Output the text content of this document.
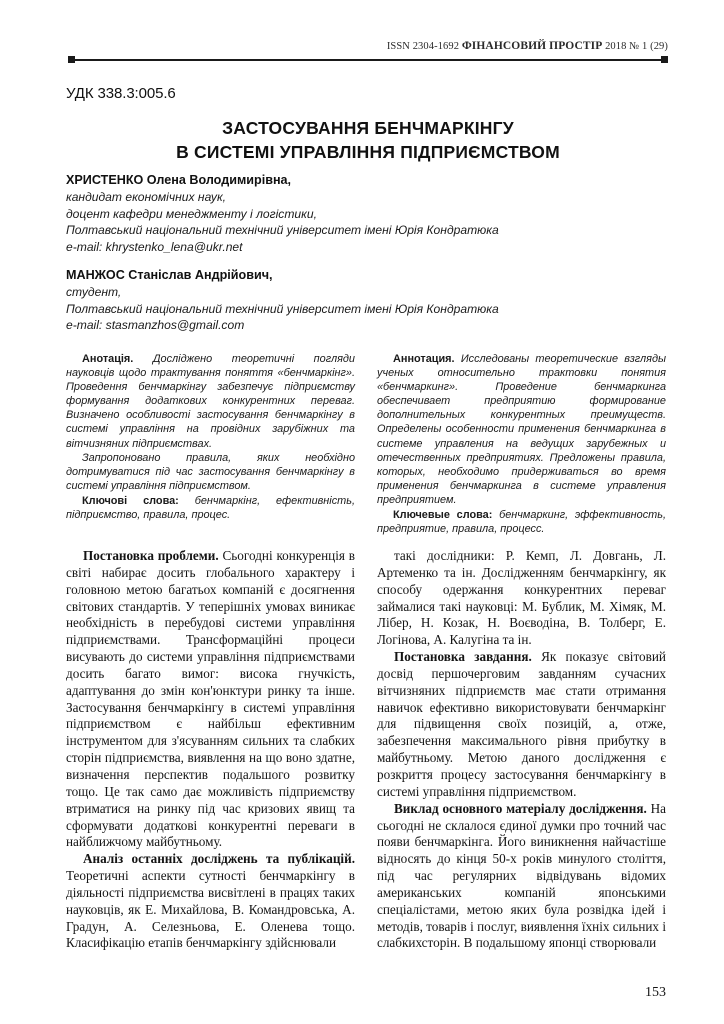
ISSN 2304-1692 ФІНАНСОВИЙ ПРОСТІР 2018 № 1 (29)
УДК 338.3:005.6
ЗАСТОСУВАННЯ БЕНЧМАРКІНГУ
В СИСТЕМІ УПРАВЛІННЯ ПІДПРИЄМСТВОМ
ХРИСТЕНКО Олена Володимирівна,
кандидат економічних наук,
доцент кафедри менеджменту і логістики,
Полтавський національний технічний університет імені Юрія Кондратюка
e-mail: khrystenko_lena@ukr.net
МАНЖОС Станіслав Андрійович,
студент,
Полтавський національний технічний університет імені Юрія Кондратюка
e-mail: stasmanzhos@gmail.com

Анотація. Досліджено теоретичні погляди науковців щодо трактування поняття «бенчмаркінг». Проведення бенчмаркінгу забезпечує підприємству формування додаткових конкурентних переваг. Визначено особливості застосування бенчмаркінгу в системі управління на провідних зарубіжних та вітчизняних підприємствах.

Запропоновано правила, яких необхідно дотримуватися під час застосування бенчмаркінгу в системі управління підприємством.

Ключові слова: бенчмаркінг, ефективність, підприємство, правила, процес.

Аннотация. Исследованы теоретические взгляды ученых относительно трактовки понятия «бенчмаркинг». Проведение бенчмаркинга обеспечивает предприятию формирование дополнительных конкурентных преимуществ. Определены особенности применения бенчмаркинга в системе управления на ведущих зарубежных и отечественных предприятиях. Предложены правила, которых, необходимо придерживаться во время применения бенчмаркинга в системе управления предприятием.

Ключевые слова: бенчмаркинг, эффективность, предприятие, правила, процесс.

Постановка проблеми. Сьогодні конкуренція в світі набирає досить глобального характеру і головною метою багатьох компаній є досягнення світових стандартів. У теперішніх умовах виникає необхідність в перебудові системи управління підприємствами. Трансформаційні процеси висувають до системи управління підприємствами досить багато вимог: висока гнучкість, адаптування до змін кон'юнктури ринку та інше. Застосування бенчмаркінгу в системі управління підприємством є найбільш ефективним інструментом для з'ясуванням сильних та слабких сторін підприємства, виявлення на що воно здатне, визначення перспектив подальшого розвитку тощо. Це так само дає можливість підприємству втриматися на ринку під час кризових явищ та сформувати додаткові конкурентні переваги в найближчому майбутньому.

Аналіз останніх досліджень та публікацій. Теоретичні аспекти сутності бенчмаркінгу в діяльності підприємства висвітлені в працях таких науковців, як Е. Михайлова, В. Командровська, А. Градун, А. Селезньова, Е. Оленева тощо. Класифікацію етапів бенчмаркінгу здійснювали

такі дослідники: Р. Кемп, Л. Довгань, Л. Артеменко та ін. Дослідженням бенчмаркінгу, як способу одержання конкурентних переваг займалися такі науковці: М. Бублик, М. Хімяк, М. Лібер, Н. Козак, Н. Воєводіна, В. Толберг, Е. Логінова, А. Калугіна та ін.

Постановка завдання. Як показує світовий досвід першочерговим завданням сучасних вітчизняних підприємств має стати отримання навичок ефективно використовувати бенчмаркінг для підвищення своїх позицій, а, отже, забезпечення максимального рівня прибутку в майбутньому. Метою даного дослідження є розкриття процесу застосування бенчмаркінгу в системі управління підприємством.

Виклад основного матеріалу дослідження. На сьогодні не склалося єдиної думки про точний час появи бенчмаркінга. Його виникнення найчастіше відносять до кінця 50-х років минулого століття, під час регулярних відвідувань відомих американських компаній японськими спеціалістами, метою яких була розвідка ідей і методів, товарів і послуг, виявлення їхніх сильних і слабкихсторін. В подальшому японці створювали

153
